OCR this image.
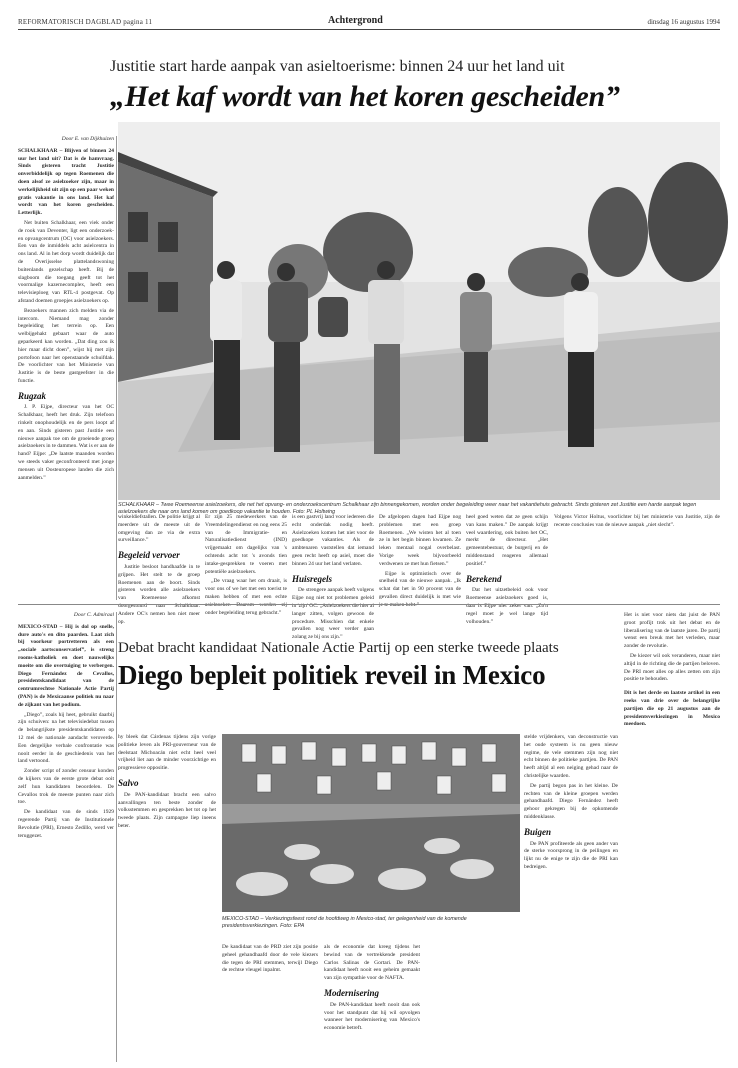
REFORMATORISCH DAGBLAD pagina 11	Achtergrond	dinsdag 16 augustus 1994
Justitie start harde aanpak van asieltoerisme: binnen 24 uur het land uit
„Het kaf wordt van het koren gescheiden”
Door E. van Dijkhuizen

SCHALKHAAR – Blijven of binnen 24 uur het land uit? Dat is de hamvraag. Sinds gisteren tracht Justitie onverbiddelijk op tegen Roemenen die doen alsof ze asielzoeker zijn, maar in werkelijkheid uit zijn op een paar weken gratis vakantie in ons land. Het kaf wordt van het koren gescheiden. Letterlijk.

Net buiten Schalkhaar, een viek onder de rook van Deventer, ligt een onderzoek- en opvangcentrum (OC) voor asielzoekers. Een van de inmiddels acht asielcentra in ons land. Al in het dorp wordt duidelijk dat de Overijsselse plattelandswoning buitenlands gezelschap heeft. Bij de slagboom die toegang geeft tot het voormalige kazernecomplex, heeft een televisieploeg van RTL-4 postgevat. Op afstand doemen groepjes asielzoekers op.

Bezoekers mannen zich melden via de intercom. Niemand mag zonder begeleiding het terrein op. Een welbijgehakt gebaart waar de auto geparkeerd kan worden. „Dat ding zou ik hier maar dicht doen”, wijst hij met zijn portofoon naar het openstaande schuifdak. De voorlichter van het Ministerie van Justitie is de beste gastgeefster in die functie.

Rugzak

J. P. Eijpe, directeur van het OC Schalkhaar, heeft het druk. Zijn telefoon rinkelt onophoudelijk en de pers loopt af en aan. Sinds gisteren past Justitie een nieuwe aanpak toe om de groeiende groep asielzoekers in te dammen. Wat is er aan de hand? Eijpe: „De laatste maanden worden we steeds vaker geconfronteerd met jonge mensen uit Oosteuropese landen die zich aanmelden.”

SCHALKHAAR – Twee Roemeense asielzoekers, die net het opvang- en onderzoekscentrum Schalkhaar zijn binnengekomen, worden onder begeleiding weer naar het vakantiehuis gebracht. Sinds gisteren zet Justitie een harde aanpak tegen asielzoekers die naar ons land komen om goedkoop vakantie te houden. Foto: PL Holtwing

winkeldiefstallen. De politie krijgt al meerdere uit de meeste uit de omgeving dan ze via de extra surveillance.”

Begeleid vervoer

Justitie besloot handhaafde in te grijpen. Het stelt te de groep Roemenen aan de boort. Sinds gisteren worden alle asielzoekers van Roemeense afkomst doorgestuurd naar Schalkhaar. Andere OC's nemen hen niet meer op.

Er zijn 25 medewerkers van de Vreemdelingendienst en nog eens 25 van de Immigratie- en Naturalisatiedienst (IND) vrijgemaakt om dagelijks van 's ochtends acht tot 's avonds tien intake-gesprekken te voeren met potentiële asielzoekers.

„De vraag waar het om draait, is voor ons of we het met een toerist te maken hebben of met een echte asielzoeker. Daarom worden zij onder begeleiding terug gebracht.”

is een gastvrij land voor iedereen die echt onderdak nodig heeft. Asielzoeken komen het niet voor de goedkope vakanties. Als de ambtenaren vaststellen dat iemand geen recht heeft op asiel, moet die binnen 24 uur het land verlaten.

Huisregels

De strengere aanpak heeft volgens Eijpe nog niet tot problemen geleid in 'zijn' OC. „Asielzoekers die hier al langer zitten, volgen gewoon de procedure. Misschien dat enkele gevallen nog weer verder gaan zolang ze bij ons zijn.”

De afgelopen dagen had Eijpe nog problemen met een groep Roemenen. „We wisten het al toen ze in het begin binnen kwamen. Ze leken mentaal nogal overbelast. Vorige week bijvoorbeeld verdwenen ze met hun fietsen.”

Eijpe is optimistisch over de snelheid van de nieuwe aanpak. „Ik schat dat het in 90 procent van de gevallen direct duidelijk is met wie je te maken hebt.”

heel goed weten dat ze geen schijn van kans maken.” De aanpak krijgt veel waardering, ook buiten het OC, merkt de directeur. „Het gemeentebestuur, de burgerij en de middenstand reageren allemaal positief.”

Berekend

Dat het uitzetbeleid ook voor Roemeense asielzoekers goed is, daar is Eijpe niet zeker van. „Zo'n regel moet je wel lange tijd volhouden.”

Volgens Victor Holtus, voorlichter bij het ministerie van Justitie, zijn de recente conclusies van de nieuwe aanpak „niet slecht”.

Door C. Admiraal

MEXICO-STAD – Hij is dol op snelle, dure auto's en dito paarden. Laat zich bij voorkeur portretteren als een „sociale aartsconservatief”, is streng rooms-katholiek en doet nauwelijks moeite om die overtuiging te verbergen. Diego Fernández de Cevallos, presidentskandidaat van de centrumrechtse Nationale Actie Partij (PAN) is de Mexicaanse politiek nu naar de zijkant van het podium.

„Diego”, zoals hij heet, gebruikt daarbij zijn schuiven: na het televisiedebat tussen de belangrijkste presidentskandidaten op 12 mei de nationale aandacht veroverde. Een dergelijke verbale confrontatie was nooit eerder in de geschiedenis van het land vertoond.

Zonder script of zonder censuur konden de kijkers van de eerste grote debat ooit zelf hun kandidaten beoordelen. De Cevallos trok de meeste punten naar zich toe.

De kandidaat van de sinds 1929 regerende Partij van de Institutionele Revolutie (PRI), Ernesto Zedillo, werd ver teruggezet.

Debat bracht kandidaat Nationale Actie Partij op een sterke tweede plaats
Diego bepleit politiek reveil in Mexico

hy bleek dat Cárdenas tijdens zijn vorige politieke leven als PRI-gouverneur van de deelstaat Michoacán niet echt heel veel vrijheid liet aan de minder voorzichtige en progressieve oppositie.

Salvo

De PAN-kandidaat bracht een salvo aanvallingen ten beste zonder de volksstemmen en gesprekken het tot op het tweede plaats. Zijn campagne liep ineens beter.

MEXICO-STAD – Verkiezingsfeest rond de hoofdweg in Mexico-stad, ter gelegenheid van de komende presidentsverkiezingen. Foto: EPA

De kandidaat van de PRD ziet zijn positie geheel gehandhaafd door de vele kiezers die tegen de PRI stemmen, terwijl Diego de rechtse vleugel inpalmt.

als de economie dat kreeg tijdens het bewind van de vertrekkende president Carlos Salinas de Gortari. De PAN-kandidaat heeft nooit een geheim gemaakt van zijn sympathie voor de NAFTA.

Modernisering

De PAN-kandidaat heeft nooit dan ook voor het standpunt dat hij wil opvolgen wanneer het modernisering van Mexico's economie betreft.

stelde vrijdenkers, van deconstructie van het oude systeem is nu geen nieuw regime, de vele stemmen zijn nog niet echt binnen de politieke partijen. De PAN heeft altijd al een neiging gehad naar de christelijke waarden.

De partij begon pas in het kleine. De rechten van de kleine groepen werden gehandhaafd. Diego Fernández heeft gehoor gekregen bij de opkomende middenklasse.

Buigen

De PAN profiteerde als geen ander van de sterke voorsprong in de peilingen en lijkt nu de enige te zijn die de PRI kan bedreigen.

Het is niet voor niets dat juist de PAN groot profijt trok uit het debat en de liberalisering van de laatste jaren. De partij wenst een breuk met het verleden, maar zonder de revolutie.

De kiezer wil ook veranderen, maar niet altijd in de richting die de partijen beloven. De PRI moet alles op alles zetten om zijn positie te behouden.

Dit is het derde en laatste artikel in een reeks van drie over de belangrijke partijen die op 21 augustus aan de presidentsverkiezingen in Mexico meedoen.
